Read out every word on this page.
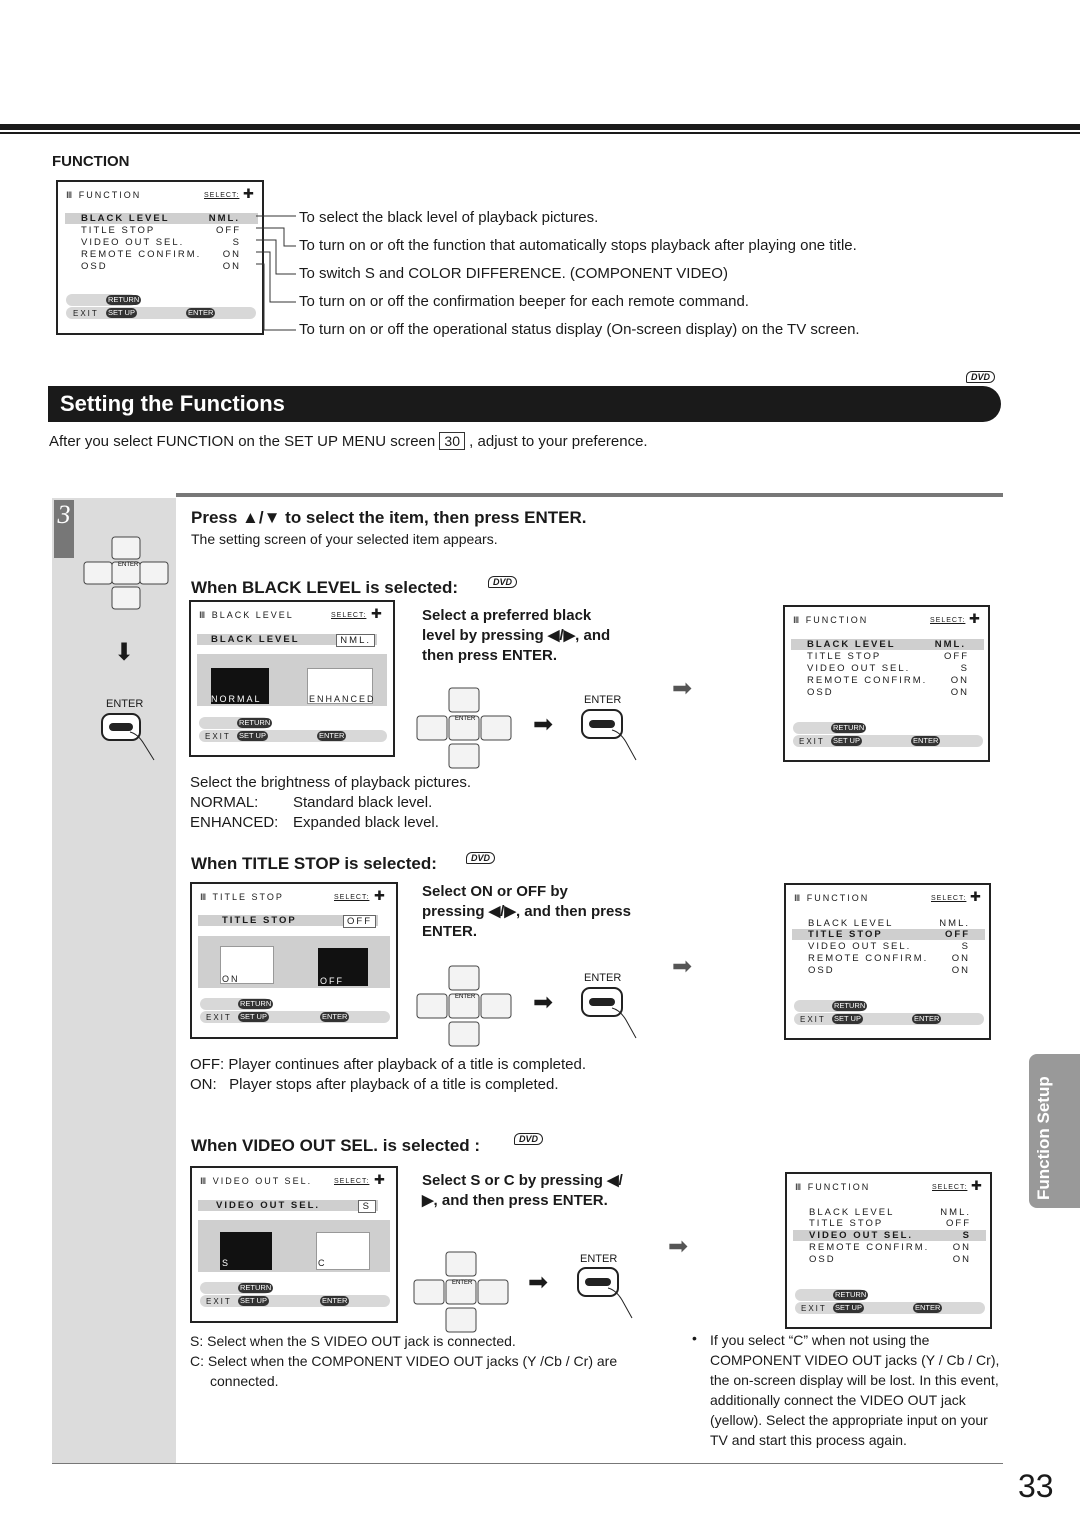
FUNCTION
Ⅲ FUNCTION	SELECT: ✚
BLACK LEVEL	NML.
TITLE STOP	OFF
VIDEO OUT SEL.	S
REMOTE CONFIRM. ON
OSD	ON
RETURN
EXIT SET UP	ENTER
To select the black level of playback pictures.
To turn on or oft the function that automatically stops playback after playing one title.
To switch S and COLOR DIFFERENCE. (COMPONENT VIDEO)
To turn on or off the confirmation beeper for each remote command.
To turn on or off the operational status display (On-screen display) on the TV screen.
DVD
Setting the Functions
After you select FUNCTION on the SET UP MENU screen 30 , adjust to your preference.
3
ENTER
⬇
ENTER
Press ▲/▼ to select the item, then press ENTER.
The setting screen of your selected item appears.
When BLACK LEVEL is selected:	DVD
Ⅲ BLACK LEVEL	SELECT: ✚
BLACK LEVEL	NML.
NORMAL	ENHANCED
RETURN
EXIT SET UP	ENTER
Select a preferred black level by pressing ◀/▶, and then press ENTER.
ENTER ➡
ENTER ➡
Ⅲ FUNCTION	SELECT: ✚
BLACK LEVEL	NML.
TITLE STOP	OFF
VIDEO OUT SEL.	S
REMOTE CONFIRM. ON
OSD	ON
RETURN
EXIT SET UP	ENTER
Select the brightness of playback pictures.
NORMAL: Standard black level.
ENHANCED: Expanded black level.
When TITLE STOP is selected:	DVD
Ⅲ TITLE STOP	SELECT: ✚
TITLE STOP	OFF
ON	OFF
RETURN
EXIT SET UP	ENTER
Select ON or OFF by pressing ◀/▶, and then press ENTER.
ENTER ➡
ENTER ➡
Ⅲ FUNCTION	SELECT: ✚
BLACK LEVEL	NML.
TITLE STOP	OFF
VIDEO OUT SEL.	S
REMOTE CONFIRM. ON
OSD	ON
RETURN
EXIT SET UP	ENTER
OFF: Player continues after playback of a title is completed.
ON:   Player stops after playback of a title is completed.
When VIDEO OUT SEL. is selected :	DVD
Ⅲ VIDEO OUT SEL.	SELECT: ✚
VIDEO OUT SEL.	S
S	C
RETURN
EXIT SET UP	ENTER
Select S or C by pressing ◀/▶, and then press ENTER.
ENTER ➡
ENTER ➡
Ⅲ FUNCTION	SELECT: ✚
BLACK LEVEL	NML.
TITLE STOP	OFF
VIDEO OUT SEL.	S
REMOTE CONFIRM. ON
OSD	ON
RETURN
EXIT SET UP	ENTER
S: Select when the S VIDEO OUT jack is connected.
C: Select when the COMPONENT VIDEO OUT jacks (Y /Cb / Cr) are connected.
• If you select “C” when not using the COMPONENT VIDEO OUT jacks (Y / Cb / Cr), the on-screen display will be lost. In this event, additionally connect the VIDEO OUT jack (yellow). Select the appropriate input on your TV and start this process again.
Function Setup
33
